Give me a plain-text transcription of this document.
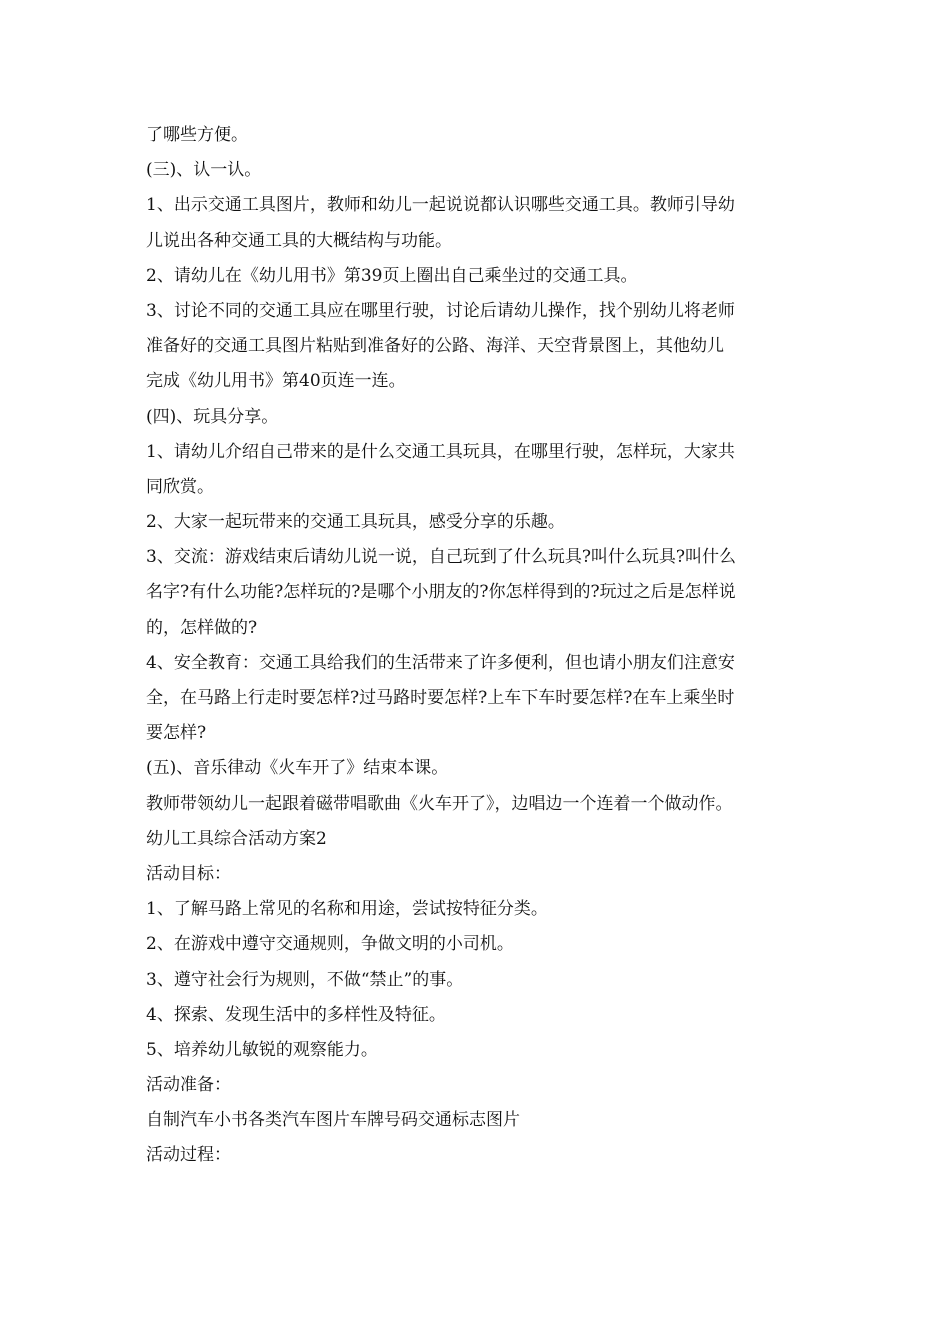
了哪些方便。
(三)、认一认。
1、出示交通工具图片，教师和幼儿一起说说都认识哪些交通工具。教师引导幼
儿说出各种交通工具的大概结构与功能。
2、请幼儿在《幼儿用书》第39页上圈出自己乘坐过的交通工具。
3、讨论不同的交通工具应在哪里行驶，讨论后请幼儿操作，找个别幼儿将老师
准备好的交通工具图片粘贴到准备好的公路、海洋、天空背景图上，其他幼儿
完成《幼儿用书》第40页连一连。
(四)、玩具分享。
1、请幼儿介绍自己带来的是什么交通工具玩具，在哪里行驶，怎样玩，大家共
同欣赏。
2、大家一起玩带来的交通工具玩具，感受分享的乐趣。
3、交流：游戏结束后请幼儿说一说，自己玩到了什么玩具?叫什么玩具?叫什么
名字?有什么功能?怎样玩的?是哪个小朋友的?你怎样得到的?玩过之后是怎样说
的，怎样做的?
4、安全教育：交通工具给我们的生活带来了许多便利，但也请小朋友们注意安
全，在马路上行走时要怎样?过马路时要怎样?上车下车时要怎样?在车上乘坐时
要怎样?
(五)、音乐律动《火车开了》结束本课。
教师带领幼儿一起跟着磁带唱歌曲《火车开了》，边唱边一个连着一个做动作。
幼儿工具综合活动方案2
活动目标：
1、了解马路上常见的名称和用途，尝试按特征分类。
2、在游戏中遵守交通规则，争做文明的小司机。
3、遵守社会行为规则，不做“禁止”的事。
4、探索、发现生活中的多样性及特征。
5、培养幼儿敏锐的观察能力。
活动准备：
自制汽车小书各类汽车图片车牌号码交通标志图片
活动过程：
